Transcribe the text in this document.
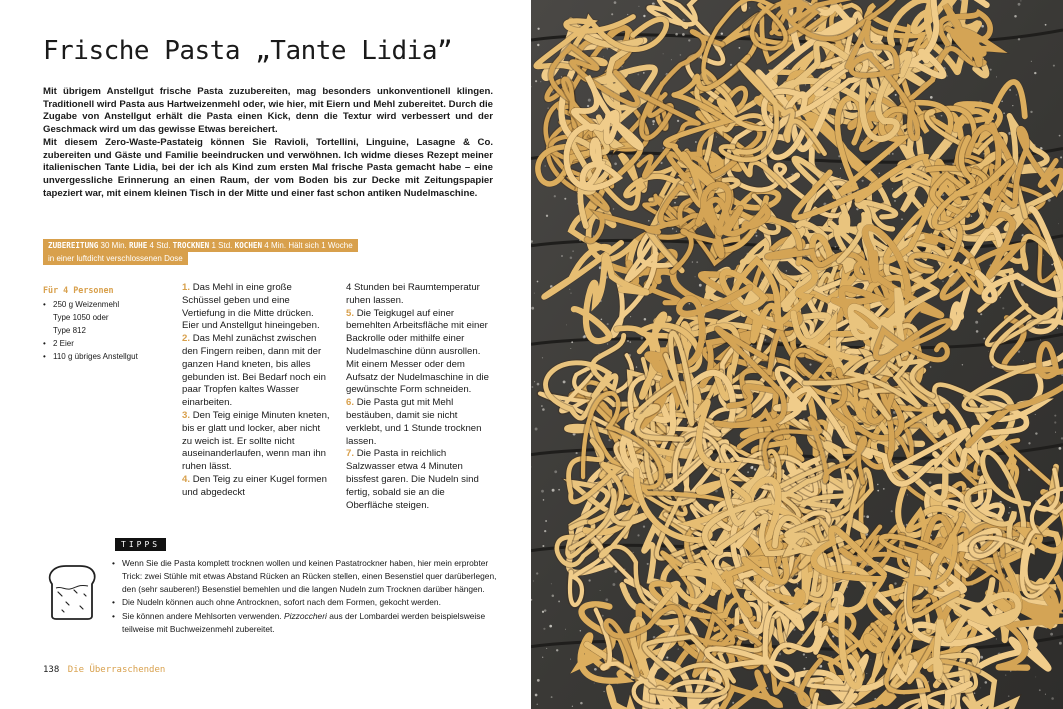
Frische Pasta „Tante Lidia”

Mit übrigem Anstellgut frische Pasta zuzubereiten, mag besonders unkonventionell klingen. Traditionell wird Pasta aus Hartweizenmehl oder, wie hier, mit Eiern und Mehl zubereitet. Durch die Zugabe von Anstellgut erhält die Pasta einen Kick, denn die Textur wird verbessert und der Geschmack wird um das gewisse Etwas bereichert.

Mit diesem Zero-Waste-Pastateig können Sie Ravioli, Tortellini, Linguine, Lasagne & Co. zubereiten und Gäste und Familie beeindrucken und verwöhnen. Ich widme dieses Rezept meiner italienischen Tante Lidia, bei der ich als Kind zum ersten Mal frische Pasta gemacht habe – eine unvergessliche Erinnerung an einen Raum, der vom Boden bis zur Decke mit Zeitungspapier tapeziert war, mit einem kleinen Tisch in der Mitte und einer fast schon antiken Nudelmaschine.

ZUBEREITUNG 30 Min. RUHE 4 Std. TROCKNEN 1 Std. KOCHEN 4 Min. Hält sich 1 Woche
in einer luftdicht verschlossenen Dose
Für 4 Personen
• 250 g Weizenmehl
Type 1050 oder
Type 812
• 2 Eier
• 110 g übriges Anstellgut
1. Das Mehl in eine große Schüssel geben und eine Vertiefung in die Mitte drücken. Eier und Anstellgut hineingeben.
2. Das Mehl zunächst zwischen den Fingern reiben, dann mit der ganzen Hand kneten, bis alles gebunden ist. Bei Bedarf noch ein paar Tropfen kaltes Wasser einarbeiten.
3. Den Teig einige Minuten kneten, bis er glatt und locker, aber nicht zu weich ist. Er sollte nicht auseinanderlaufen, wenn man ihn ruhen lässt.
4. Den Teig zu einer Kugel formen und abgedeckt
4 Stunden bei Raumtemperatur ruhen lassen.
5. Die Teigkugel auf einer bemehlten Arbeitsfläche mit einer Backrolle oder mithilfe einer Nudelmaschine dünn ausrollen. Mit einem Messer oder dem Aufsatz der Nudelmaschine in die gewünschte Form schneiden.
6. Die Pasta gut mit Mehl bestäuben, damit sie nicht verklebt, und 1 Stunde trocknen lassen.
7. Die Pasta in reichlich Salzwasser etwa 4 Minuten bissfest garen. Die Nudeln sind fertig, sobald sie an die Oberfläche steigen.
TIPPS
• Wenn Sie die Pasta komplett trocknen wollen und keinen Pastatrockner haben, hier mein erprobter Trick: zwei Stühle mit etwas Abstand Rücken an Rücken stellen, einen Besenstiel quer darüberlegen, den (sehr sauberen!) Besenstiel bemehlen und die langen Nudeln zum Trocknen darüber hängen.
• Die Nudeln können auch ohne Antrocknen, sofort nach dem Formen, gekocht werden.
• Sie können andere Mehlsorten verwenden. Pizzoccheri aus der Lombardei werden beispielsweise teilweise mit Buchweizenmehl zubereitet.
138 Die Überraschenden
